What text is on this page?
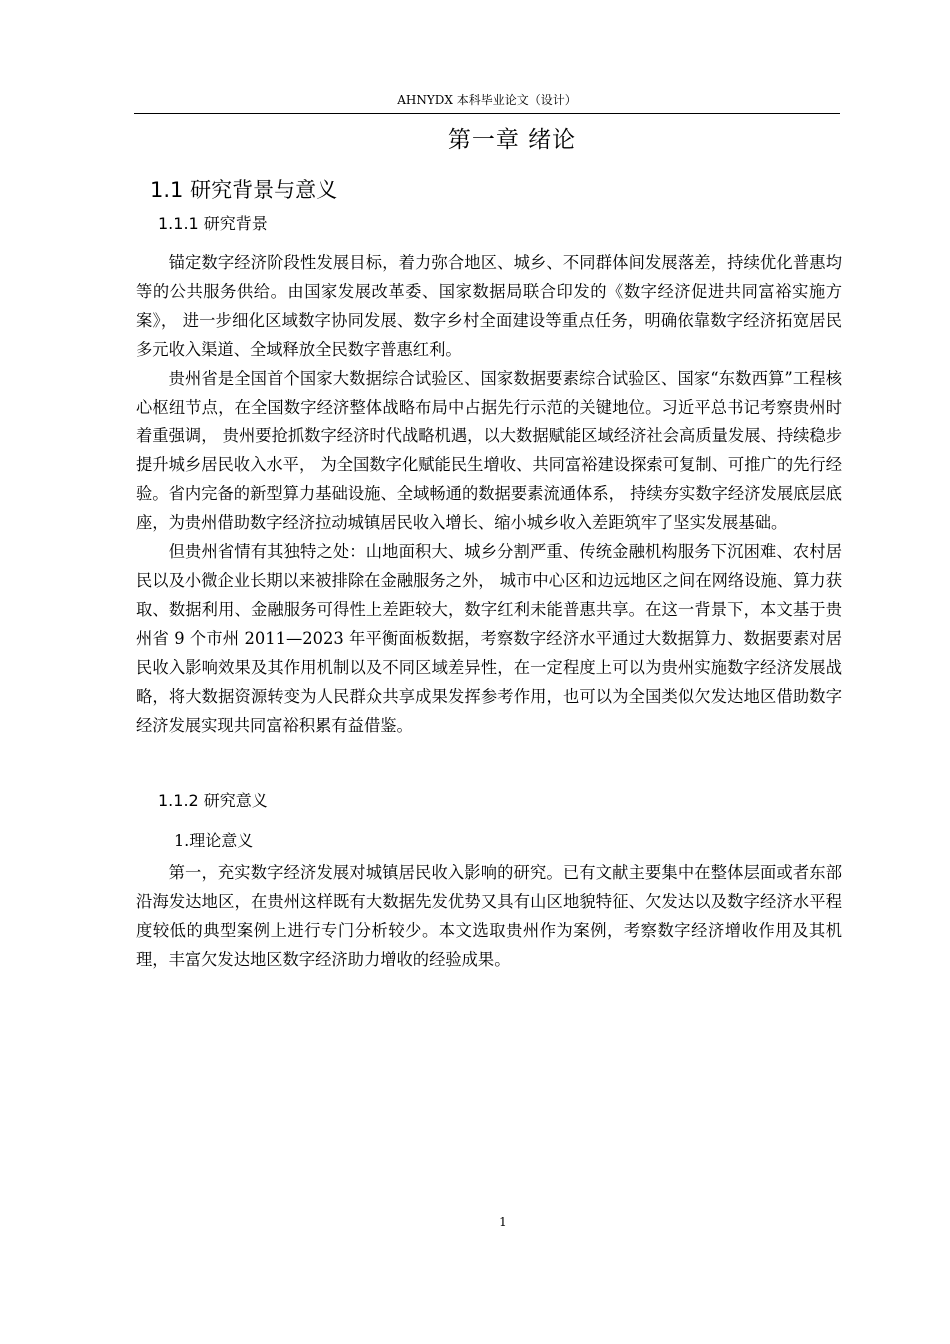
AHNYDX 本科毕业论文（设计）
第一章 绪论
1.1 研究背景与意义
1.1.1 研究背景

锚定数字经济阶段性发展目标，着力弥合地区、城乡、不同群体间发展落差，持续优化普惠均等的公共服务供给。由国家发展改革委、国家数据局联合印发的《数字经济促进共同富裕实施方案》， 进一步细化区域数字协同发展、数字乡村全面建设等重点任务，明确依靠数字经济拓宽居民多元收入渠道、全域释放全民数字普惠红利。

贵州省是全国首个国家大数据综合试验区、国家数据要素综合试验区、国家“东数西算”工程核心枢纽节点，在全国数字经济整体战略布局中占据先行示范的关键地位。习近平总书记考察贵州时着重强调， 贵州要抢抓数字经济时代战略机遇，以大数据赋能区域经济社会高质量发展、持续稳步提升城乡居民收入水平， 为全国数字化赋能民生增收、共同富裕建设探索可复制、可推广的先行经验。省内完备的新型算力基础设施、全域畅通的数据要素流通体系， 持续夯实数字经济发展底层底座，为贵州借助数字经济拉动城镇居民收入增长、缩小城乡收入差距筑牢了坚实发展基础。

但贵州省情有其独特之处：山地面积大、城乡分割严重、传统金融机构服务下沉困难、农村居民以及小微企业长期以来被排除在金融服务之外， 城市中心区和边远地区之间在网络设施、算力获取、数据利用、金融服务可得性上差距较大，数字红利未能普惠共享。在这一背景下，本文基于贵州省 9 个市州 2011—2023 年平衡面板数据，考察数字经济水平通过大数据算力、数据要素对居民收入影响效果及其作用机制以及不同区域差异性，在一定程度上可以为贵州实施数字经济发展战略，将大数据资源转变为人民群众共享成果发挥参考作用，也可以为全国类似欠发达地区借助数字经济发展实现共同富裕积累有益借鉴。

1.1.2 研究意义
1.理论意义

第一，充实数字经济发展对城镇居民收入影响的研究。已有文献主要集中在整体层面或者东部沿海发达地区，在贵州这样既有大数据先发优势又具有山区地貌特征、欠发达以及数字经济水平程度较低的典型案例上进行专门分析较少。本文选取贵州作为案例，考察数字经济增收作用及其机理，丰富欠发达地区数字经济助力增收的经验成果。

1
